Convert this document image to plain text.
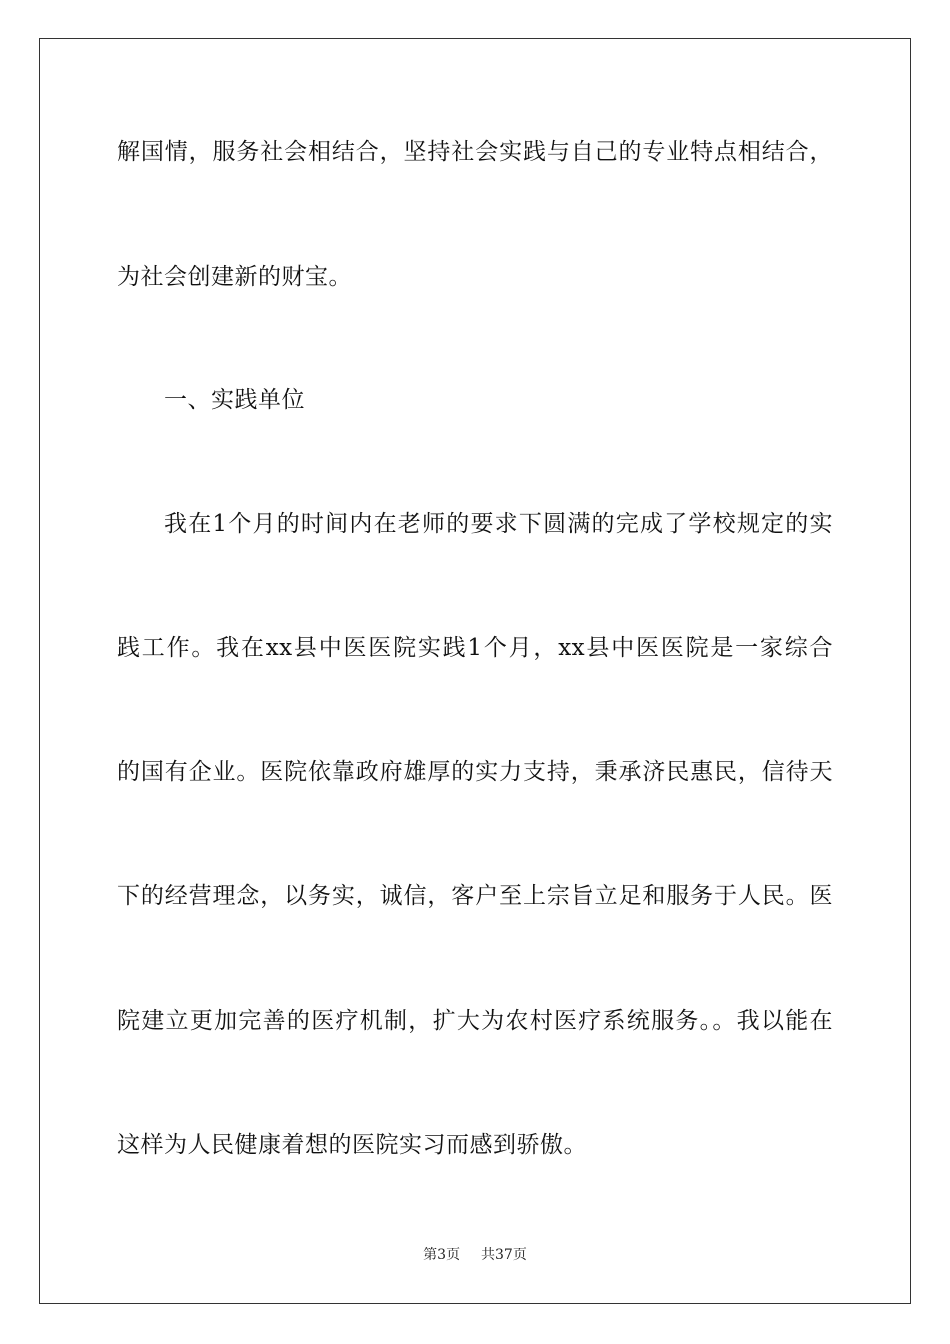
解国情，服务社会相结合，坚持社会实践与自己的专业特点相结合，
为社会创建新的财宝。
一、实践单位
我在1个月的时间内在老师的要求下圆满的完成了学校规定的实
践工作。我在xx县中医医院实践1个月，xx县中医医院是一家综合
的国有企业。医院依靠政府雄厚的实力支持，秉承济民惠民，信待天
下的经营理念，以务实，诚信，客户至上宗旨立足和服务于人民。医
院建立更加完善的医疗机制，扩大为农村医疗系统服务。。我以能在
这样为人民健康着想的医院实习而感到骄傲。
第3页 共37页
